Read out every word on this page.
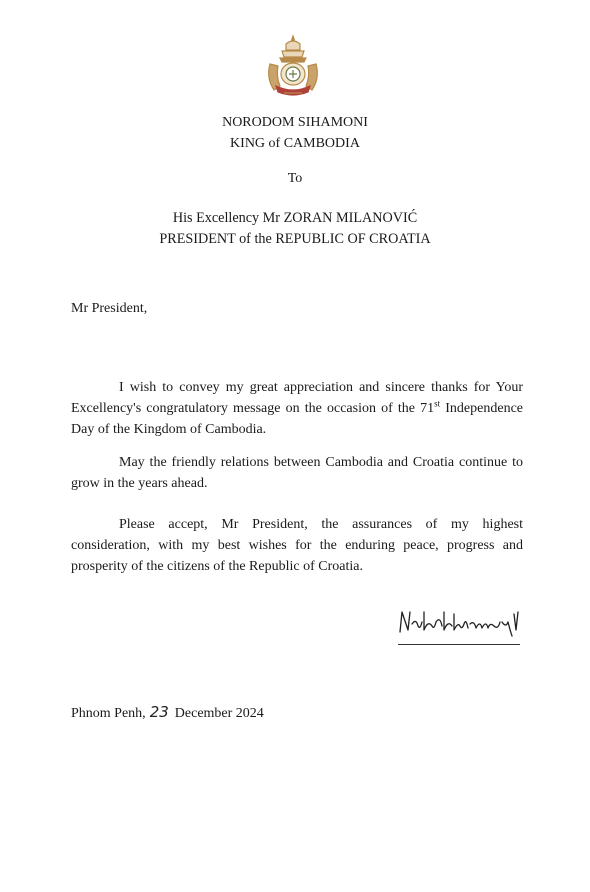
NORODOM SIHAMONI
KING of CAMBODIA
To
His Excellency Mr ZORAN MILANOVIĆ
PRESIDENT of the REPUBLIC OF CROATIA
Mr President,

I wish to convey my great appreciation and sincere thanks for Your Excellency's congratulatory message on the occasion of the 71st Independence Day of the Kingdom of Cambodia.

May the friendly relations between Cambodia and Croatia continue to grow in the years ahead.

Please accept, Mr President, the assurances of my highest consideration, with my best wishes for the enduring peace, progress and prosperity of the citizens of the Republic of Croatia.

Phnom Penh, 23 December 2024
